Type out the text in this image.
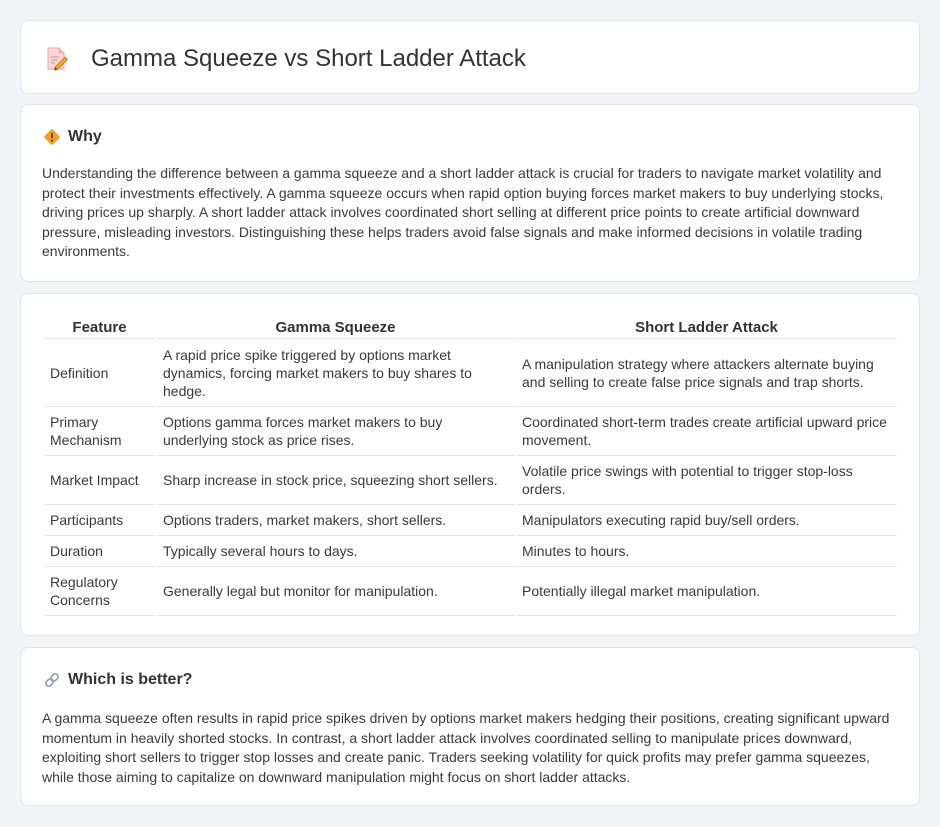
Gamma Squeeze vs Short Ladder Attack
Why

Understanding the difference between a gamma squeeze and a short ladder attack is crucial for traders to navigate market volatility and protect their investments effectively. A gamma squeeze occurs when rapid option buying forces market makers to buy underlying stocks, driving prices up sharply. A short ladder attack involves coordinated short selling at different price points to create artificial downward pressure, misleading investors. Distinguishing these helps traders avoid false signals and make informed decisions in volatile trading environments.

Feature	Gamma Squeeze	Short Ladder Attack
Definition	A rapid price spike triggered by options market dynamics, forcing market makers to buy shares to hedge.	A manipulation strategy where attackers alternate buying and selling to create false price signals and trap shorts.
Primary Mechanism	Options gamma forces market makers to buy underlying stock as price rises.	Coordinated short-term trades create artificial upward price movement.
Market Impact	Sharp increase in stock price, squeezing short sellers.	Volatile price swings with potential to trigger stop-loss orders.
Participants	Options traders, market makers, short sellers.	Manipulators executing rapid buy/sell orders.
Duration	Typically several hours to days.	Minutes to hours.
Regulatory Concerns	Generally legal but monitor for manipulation.	Potentially illegal market manipulation.
Which is better?

A gamma squeeze often results in rapid price spikes driven by options market makers hedging their positions, creating significant upward momentum in heavily shorted stocks. In contrast, a short ladder attack involves coordinated selling to manipulate prices downward, exploiting short sellers to trigger stop losses and create panic. Traders seeking volatility for quick profits may prefer gamma squeezes, while those aiming to capitalize on downward manipulation might focus on short ladder attacks.
